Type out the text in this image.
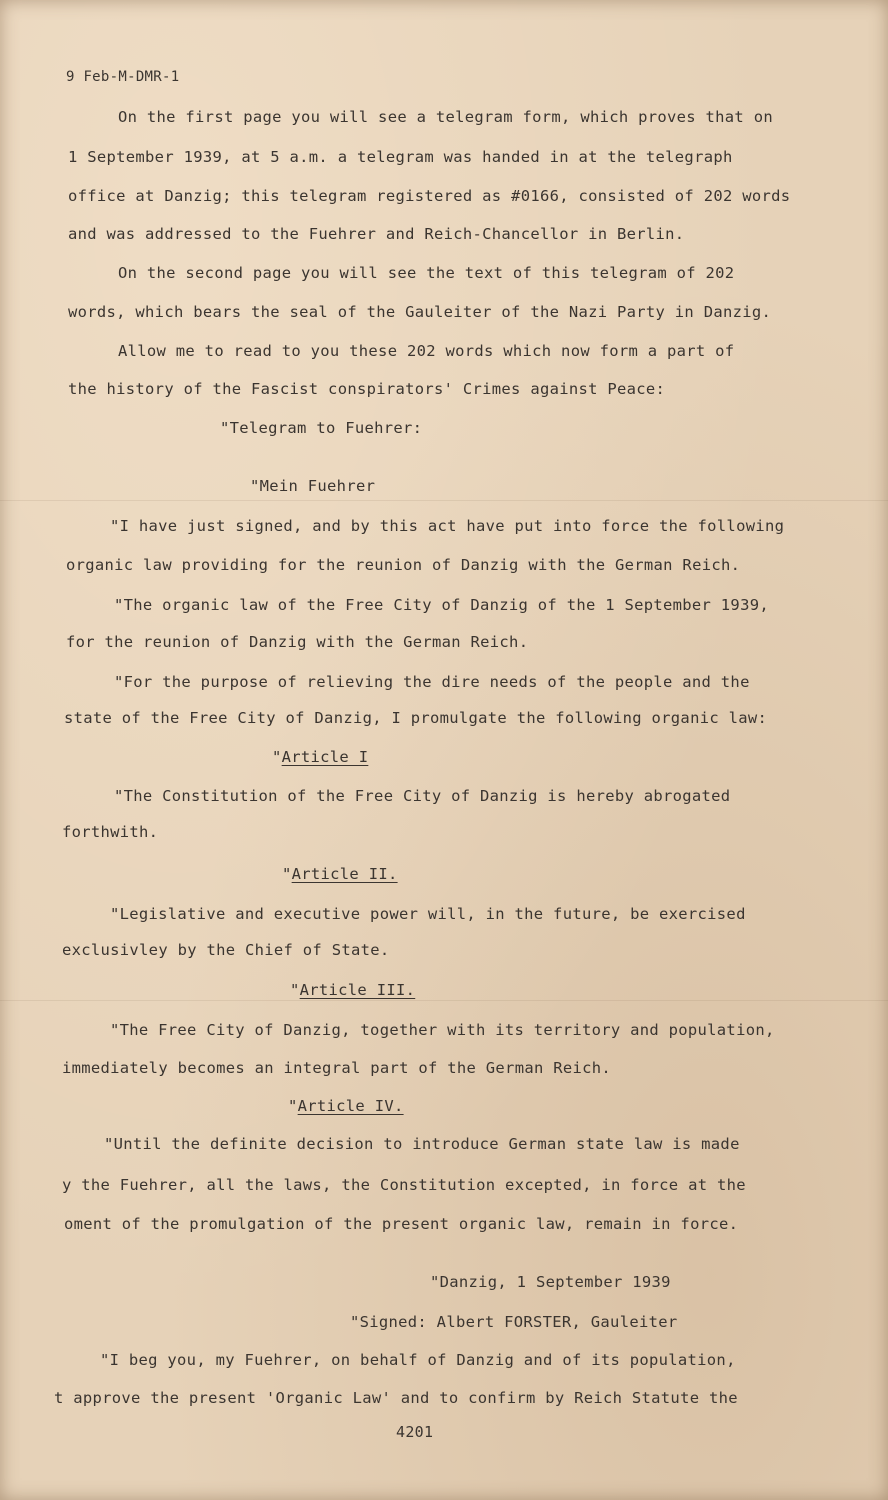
9 Feb-M-DMR-1

On the first page you will see a telegram form, which proves that on

1 September 1939, at 5 a.m. a telegram was handed in at the telegraph

office at Danzig; this telegram registered as #0166, consisted of 202 words

and was addressed to the Fuehrer and Reich-Chancellor in Berlin.

On the second page you will see the text of this telegram of 202

words, which bears the seal of the Gauleiter of the Nazi Party in Danzig.

Allow me to read to you these 202 words which now form a part of

the history of the Fascist conspirators' Crimes against Peace:

"Telegram to Fuehrer:

"Mein Fuehrer

"I have just signed, and by this act have put into force the following

organic law providing for the reunion of Danzig with the German Reich.

"The organic law of the Free City of Danzig of the 1 September 1939,

for the reunion of Danzig with the German Reich.

"For the purpose of relieving the dire needs of the people and the

state of the Free City of Danzig, I promulgate the following organic law:

"Article I

"The Constitution of the Free City of Danzig is hereby abrogated

forthwith.

"Article II.

"Legislative and executive power will, in the future, be exercised

exclusivley by the Chief of State.

"Article III.

"The Free City of Danzig, together with its territory and population,

immediately becomes an integral part of the German Reich.

"Article IV.

"Until the definite decision to introduce German state law is made

y the Fuehrer, all the laws, the Constitution excepted, in force at the

oment of the promulgation of the present organic law, remain in force.

"Danzig, 1 September 1939

"Signed: Albert FORSTER, Gauleiter

"I beg you, my Fuehrer, on behalf of Danzig and of its population,

t approve the present 'Organic Law' and to confirm by Reich Statute the

4201
